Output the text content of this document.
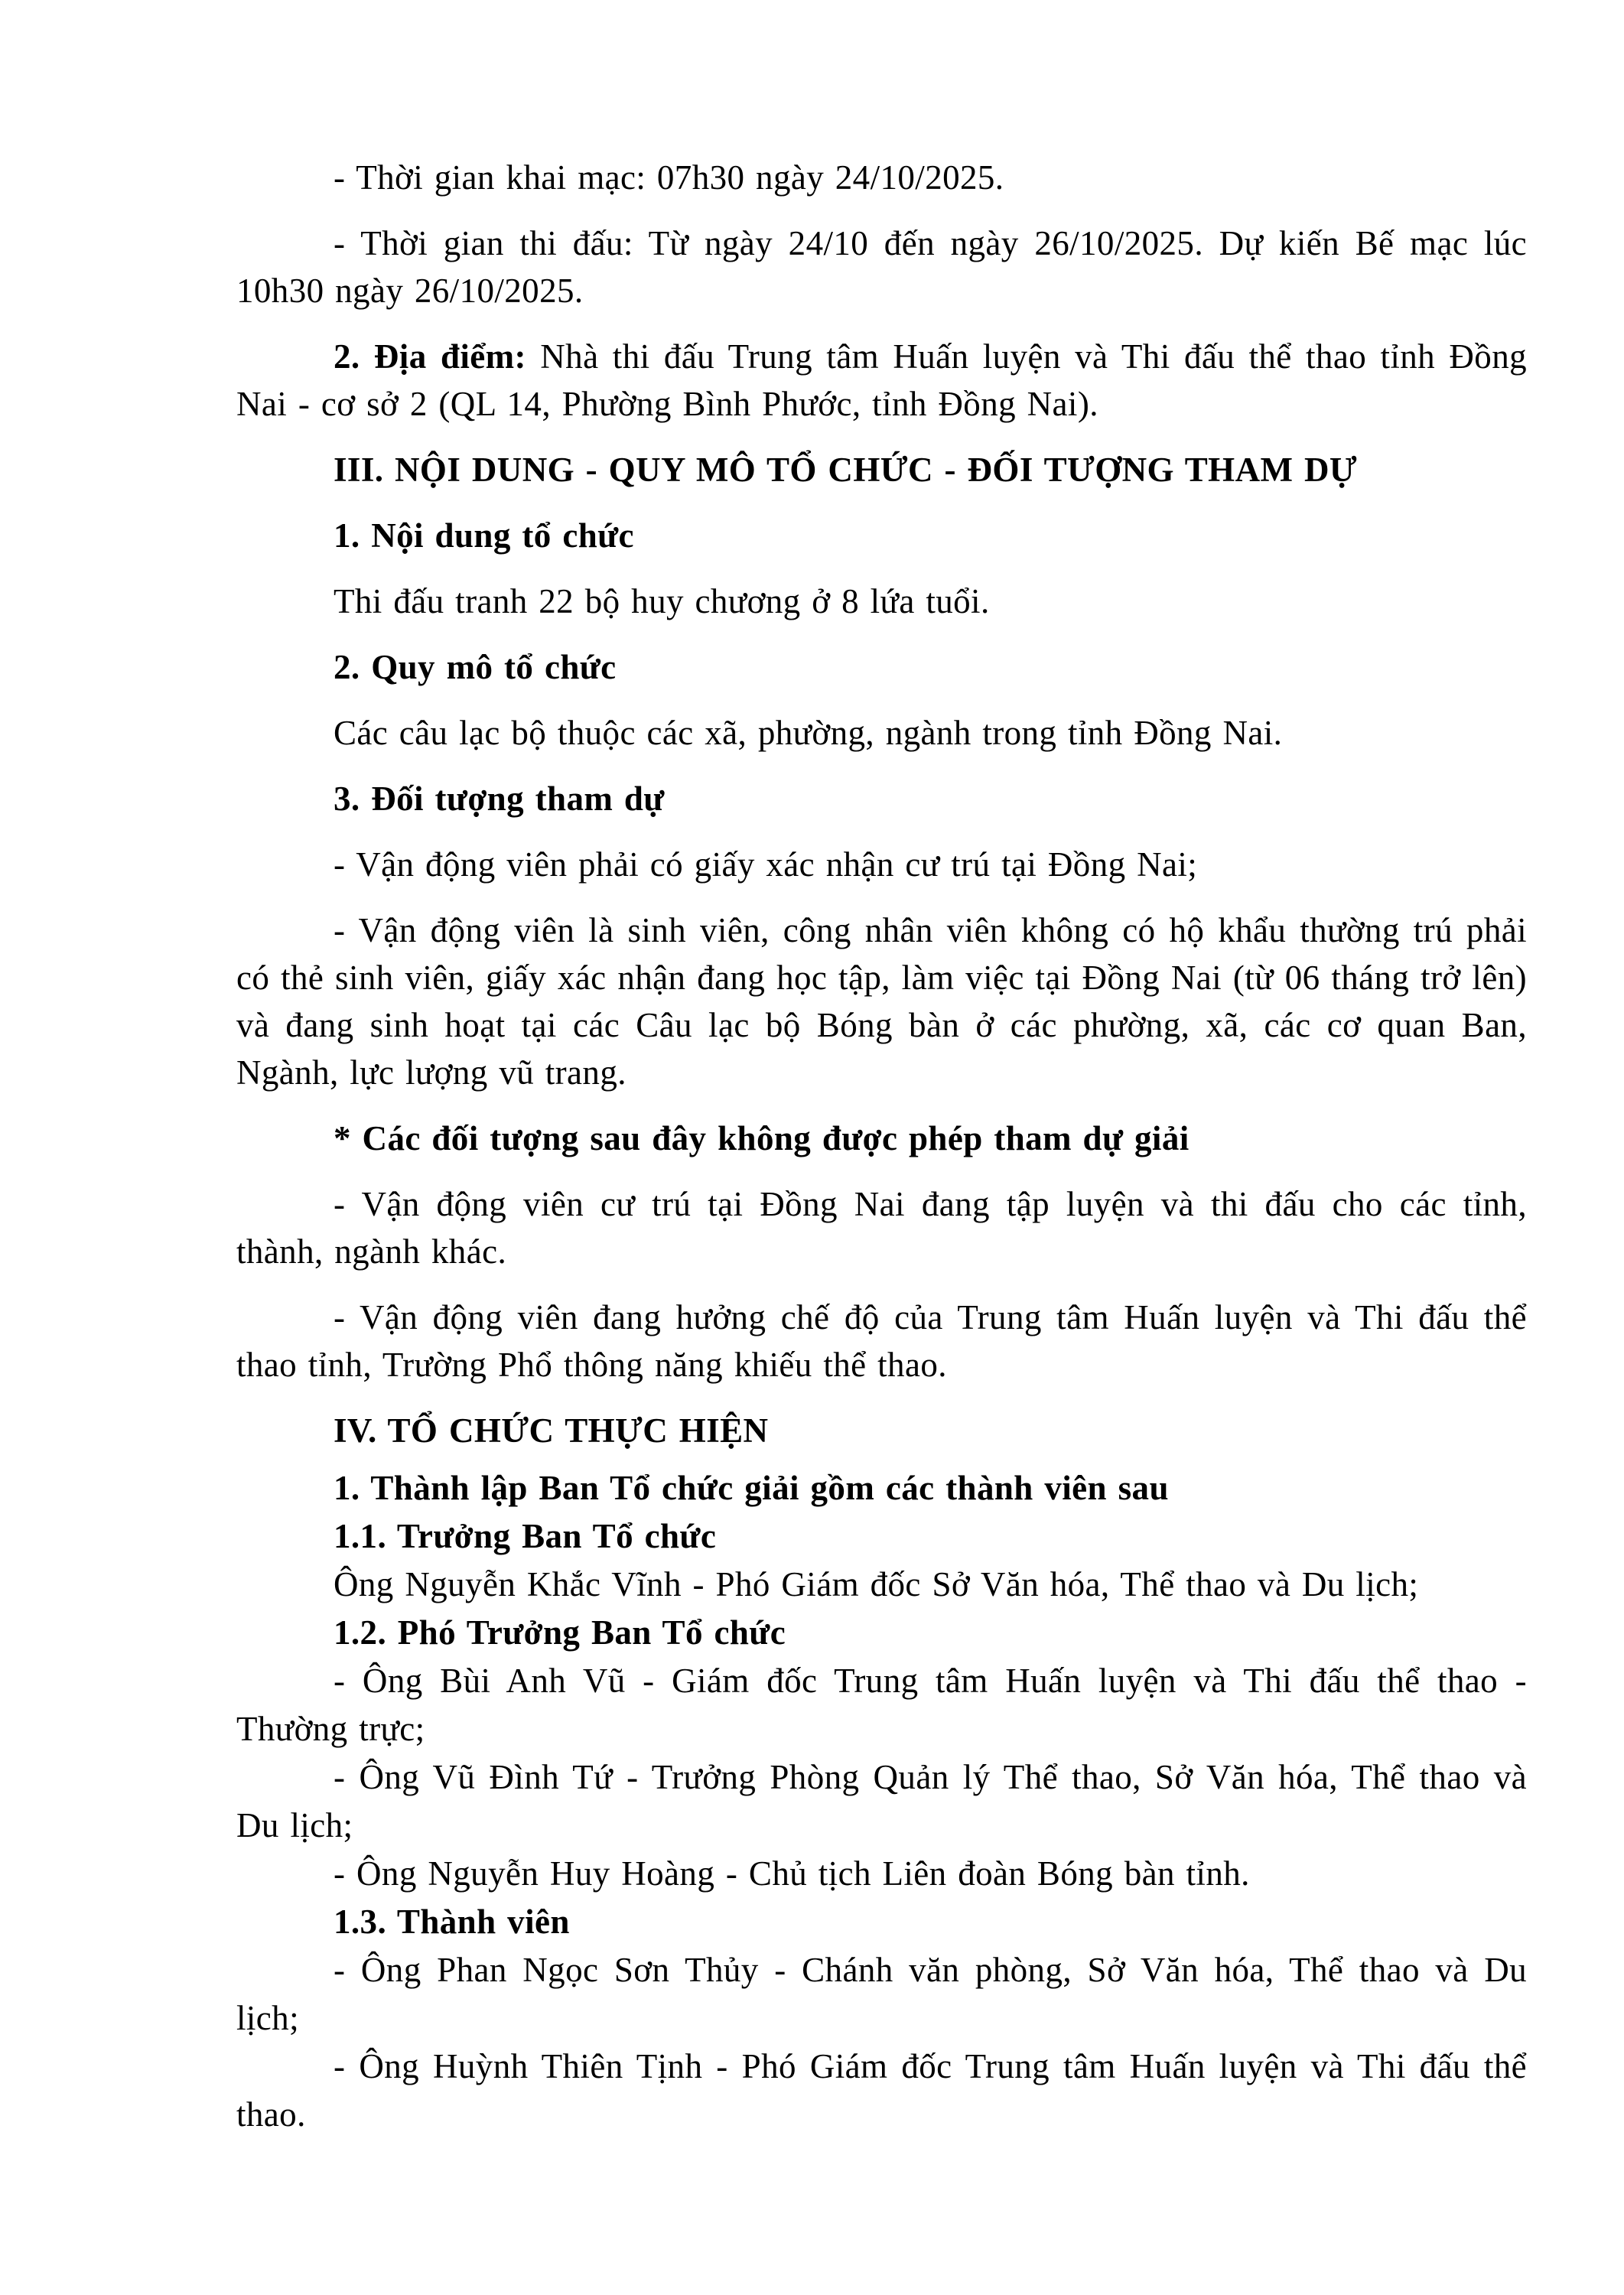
- Thời gian khai mạc: 07h30 ngày 24/10/2025.

- Thời gian thi đấu: Từ ngày 24/10 đến ngày 26/10/2025. Dự kiến Bế mạc lúc 10h30 ngày 26/10/2025.

2. Địa điểm: Nhà thi đấu Trung tâm Huấn luyện và Thi đấu thể thao tỉnh Đồng Nai - cơ sở 2 (QL 14, Phường Bình Phước, tỉnh Đồng Nai).

III. NỘI DUNG - QUY MÔ TỔ CHỨC - ĐỐI TƯỢNG THAM DỰ

1. Nội dung tổ chức

Thi đấu tranh 22 bộ huy chương ở 8 lứa tuổi.

2. Quy mô tổ chức

Các câu lạc bộ thuộc các xã, phường, ngành trong tỉnh Đồng Nai.

3. Đối tượng tham dự

- Vận động viên phải có giấy xác nhận cư trú tại Đồng Nai;

- Vận động viên là sinh viên, công nhân viên không có hộ khẩu thường trú phải có thẻ sinh viên, giấy xác nhận đang học tập, làm việc tại Đồng Nai (từ 06 tháng trở lên) và đang sinh hoạt tại các Câu lạc bộ Bóng bàn ở các phường, xã, các cơ quan Ban, Ngành, lực lượng vũ trang.

* Các đối tượng sau đây không được phép tham dự giải

- Vận động viên cư trú tại Đồng Nai đang tập luyện và thi đấu cho các tỉnh, thành, ngành khác.

- Vận động viên đang hưởng chế độ của Trung tâm Huấn luyện và Thi đấu thể thao tỉnh, Trường Phổ thông năng khiếu thể thao.

IV. TỔ CHỨC THỰC HIỆN

1. Thành lập Ban Tổ chức giải gồm các thành viên sau

1.1. Trưởng Ban Tổ chức

Ông Nguyễn Khắc Vĩnh - Phó Giám đốc Sở Văn hóa, Thể thao và Du lịch;

1.2. Phó Trưởng Ban Tổ chức

- Ông Bùi Anh Vũ - Giám đốc Trung tâm Huấn luyện và Thi đấu thể thao - Thường trực;

- Ông Vũ Đình Tứ - Trưởng Phòng Quản lý Thể thao, Sở Văn hóa, Thể thao và Du lịch;

- Ông Nguyễn Huy Hoàng - Chủ tịch Liên đoàn Bóng bàn tỉnh.

1.3. Thành viên

- Ông Phan Ngọc Sơn Thủy - Chánh văn phòng, Sở Văn hóa, Thể thao và Du lịch;

- Ông Huỳnh Thiên Tịnh - Phó Giám đốc Trung tâm Huấn luyện và Thi đấu thể thao.
